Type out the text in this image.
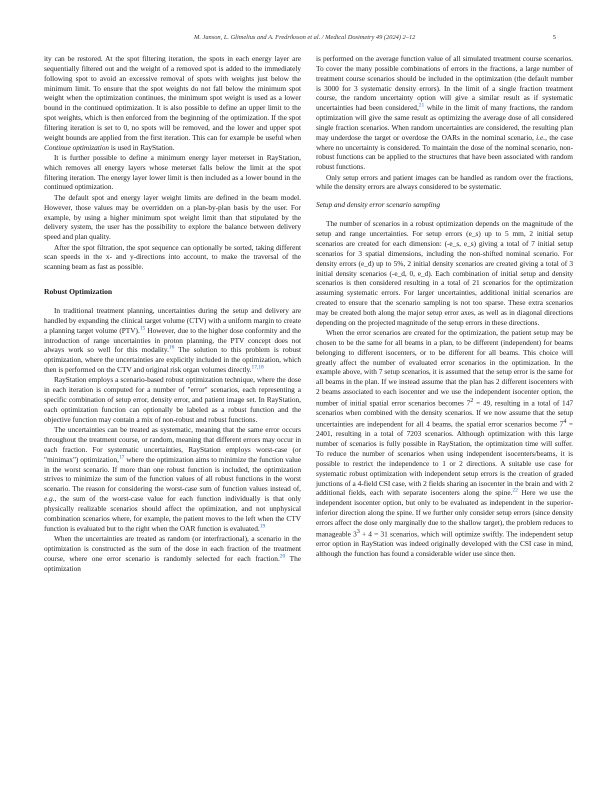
M. Janson, L. Glimelius and A. Fredriksson et al. / Medical Dosimetry 49 (2024) 2–12	5

ity can be restored. At the spot filtering iteration, the spots in each energy layer are sequentially filtered out and the weight of a removed spot is added to the immediately following spot to avoid an excessive removal of spots with weights just below the minimum limit. To ensure that the spot weights do not fall below the minimum spot weight when the optimization continues, the minimum spot weight is used as a lower bound in the continued optimization. It is also possible to define an upper limit to the spot weights, which is then enforced from the beginning of the optimization. If the spot filtering iteration is set to 0, no spots will be removed, and the lower and upper spot weight bounds are applied from the first iteration. This can for example be useful when Continue optimization is used in RayStation.

It is further possible to define a minimum energy layer meterset in RayStation, which removes all energy layers whose meterset falls below the limit at the spot filtering iteration. The energy layer lower limit is then included as a lower bound in the continued optimization.

The default spot and energy layer weight limits are defined in the beam model. However, those values may be overridden on a plan-by-plan basis by the user. For example, by using a higher minimum spot weight limit than that stipulated by the delivery system, the user has the possibility to explore the balance between delivery speed and plan quality.

After the spot filtration, the spot sequence can optionally be sorted, taking different scan speeds in the x- and y-directions into account, to make the traversal of the scanning beam as fast as possible.

Robust Optimization

In traditional treatment planning, uncertainties during the setup and delivery are handled by expanding the clinical target volume (CTV) with a uniform margin to create a planning target volume (PTV).$^{15}$ However, due to the higher dose conformity and the introduction of range uncertainties in proton planning, the PTV concept does not always work so well for this modality.$^{16}$ The solution to this problem is robust optimization, where the uncertainties are explicitly included in the optimization, which then is performed on the CTV and original risk organ volumes directly.$^{17,18}$

RayStation employs a scenario-based robust optimization technique, where the dose in each iteration is computed for a number of "error" scenarios, each representing a specific combination of setup error, density error, and patient image set. In RayStation, each optimization function can optionally be labeled as a robust function and the objective function may contain a mix of non-robust and robust functions.

The uncertainties can be treated as systematic, meaning that the same error occurs throughout the treatment course, or random, meaning that different errors may occur in each fraction. For systematic uncertainties, RayStation employs worst-case (or "minimax") optimization,$^{17}$ where the optimization aims to minimize the function value in the worst scenario. If more than one robust function is included, the optimization strives to minimize the sum of the function values of all robust functions in the worst scenario. The reason for considering the worst-case sum of function values instead of, e.g., the sum of the worst-case value for each function individually is that only physically realizable scenarios should affect the optimization, and not unphysical combination scenarios where, for example, the patient moves to the left when the CTV function is evaluated but to the right when the OAR function is evaluated.$^{19}$

When the uncertainties are treated as random (or interfractional), a scenario in the optimization is constructed as the sum of the dose in each fraction of the treatment course, where one error scenario is randomly selected for each fraction.$^{20}$ The optimization

is performed on the average function value of all simulated treatment course scenarios. To cover the many possible combinations of errors in the fractions, a large number of treatment course scenarios should be included in the optimization (the default number is 3000 for 3 systematic density errors). In the limit of a single fraction treatment course, the random uncertainty option will give a similar result as if systematic uncertainties had been considered,$^{21}$ while in the limit of many fractions, the random optimization will give the same result as optimizing the average dose of all considered single fraction scenarios. When random uncertainties are considered, the resulting plan may underdose the target or overdose the OARs in the nominal scenario, i.e., the case where no uncertainty is considered. To maintain the dose of the nominal scenario, non-robust functions can be applied to the structures that have been associated with random robust functions.

Only setup errors and patient images can be handled as random over the fractions, while the density errors are always considered to be systematic.

Setup and density error scenario sampling

The number of scenarios in a robust optimization depends on the magnitude of the setup and range uncertainties. For setup errors (e_s) up to 5 mm, 2 initial setup scenarios are created for each dimension: (-e_s, e_s) giving a total of 7 initial setup scenarios for 3 spatial dimensions, including the non-shifted nominal scenario. For density errors (e_d) up to 5%, 2 initial density scenarios are created giving a total of 3 initial density scenarios (-e_d, 0, e_d). Each combination of initial setup and density scenarios is then considered resulting in a total of 21 scenarios for the optimization assuming systematic errors. For larger uncertainties, additional initial scenarios are created to ensure that the scenario sampling is not too sparse. These extra scenarios may be created both along the major setup error axes, as well as in diagonal directions depending on the projected magnitude of the setup errors in these directions.

When the error scenarios are created for the optimization, the patient setup may be chosen to be the same for all beams in a plan, to be different (independent) for beams belonging to different isocenters, or to be different for all beams. This choice will greatly affect the number of evaluated error scenarios in the optimization. In the example above, with 7 setup scenarios, it is assumed that the setup error is the same for all beams in the plan. If we instead assume that the plan has 2 different isocenters with 2 beams associated to each isocenter and we use the independent isocenter option, the number of initial spatial error scenarios becomes $7^2 = 49$, resulting in a total of 147 scenarios when combined with the density scenarios. If we now assume that the setup uncertainties are independent for all 4 beams, the spatial error scenarios become $7^4 = 2401$, resulting in a total of 7203 scenarios. Although optimization with this large number of scenarios is fully possible in RayStation, the optimization time will suffer. To reduce the number of scenarios when using independent isocenters/beams, it is possible to restrict the independence to 1 or 2 directions. A suitable use case for systematic robust optimization with independent setup errors is the creation of graded junctions of a 4-field CSI case, with 2 fields sharing an isocenter in the brain and with 2 additional fields, each with separate isocenters along the spine.$^{22}$ Here we use the independent isocenter option, but only to be evaluated as independent in the superior-inferior direction along the spine. If we further only consider setup errors (since density errors affect the dose only marginally due to the shallow target), the problem reduces to manageable $3^3 + 4 = 31$ scenarios, which will optimize swiftly. The independent setup error option in RayStation was indeed originally developed with the CSI case in mind, although the function has found a considerable wider use since then.
